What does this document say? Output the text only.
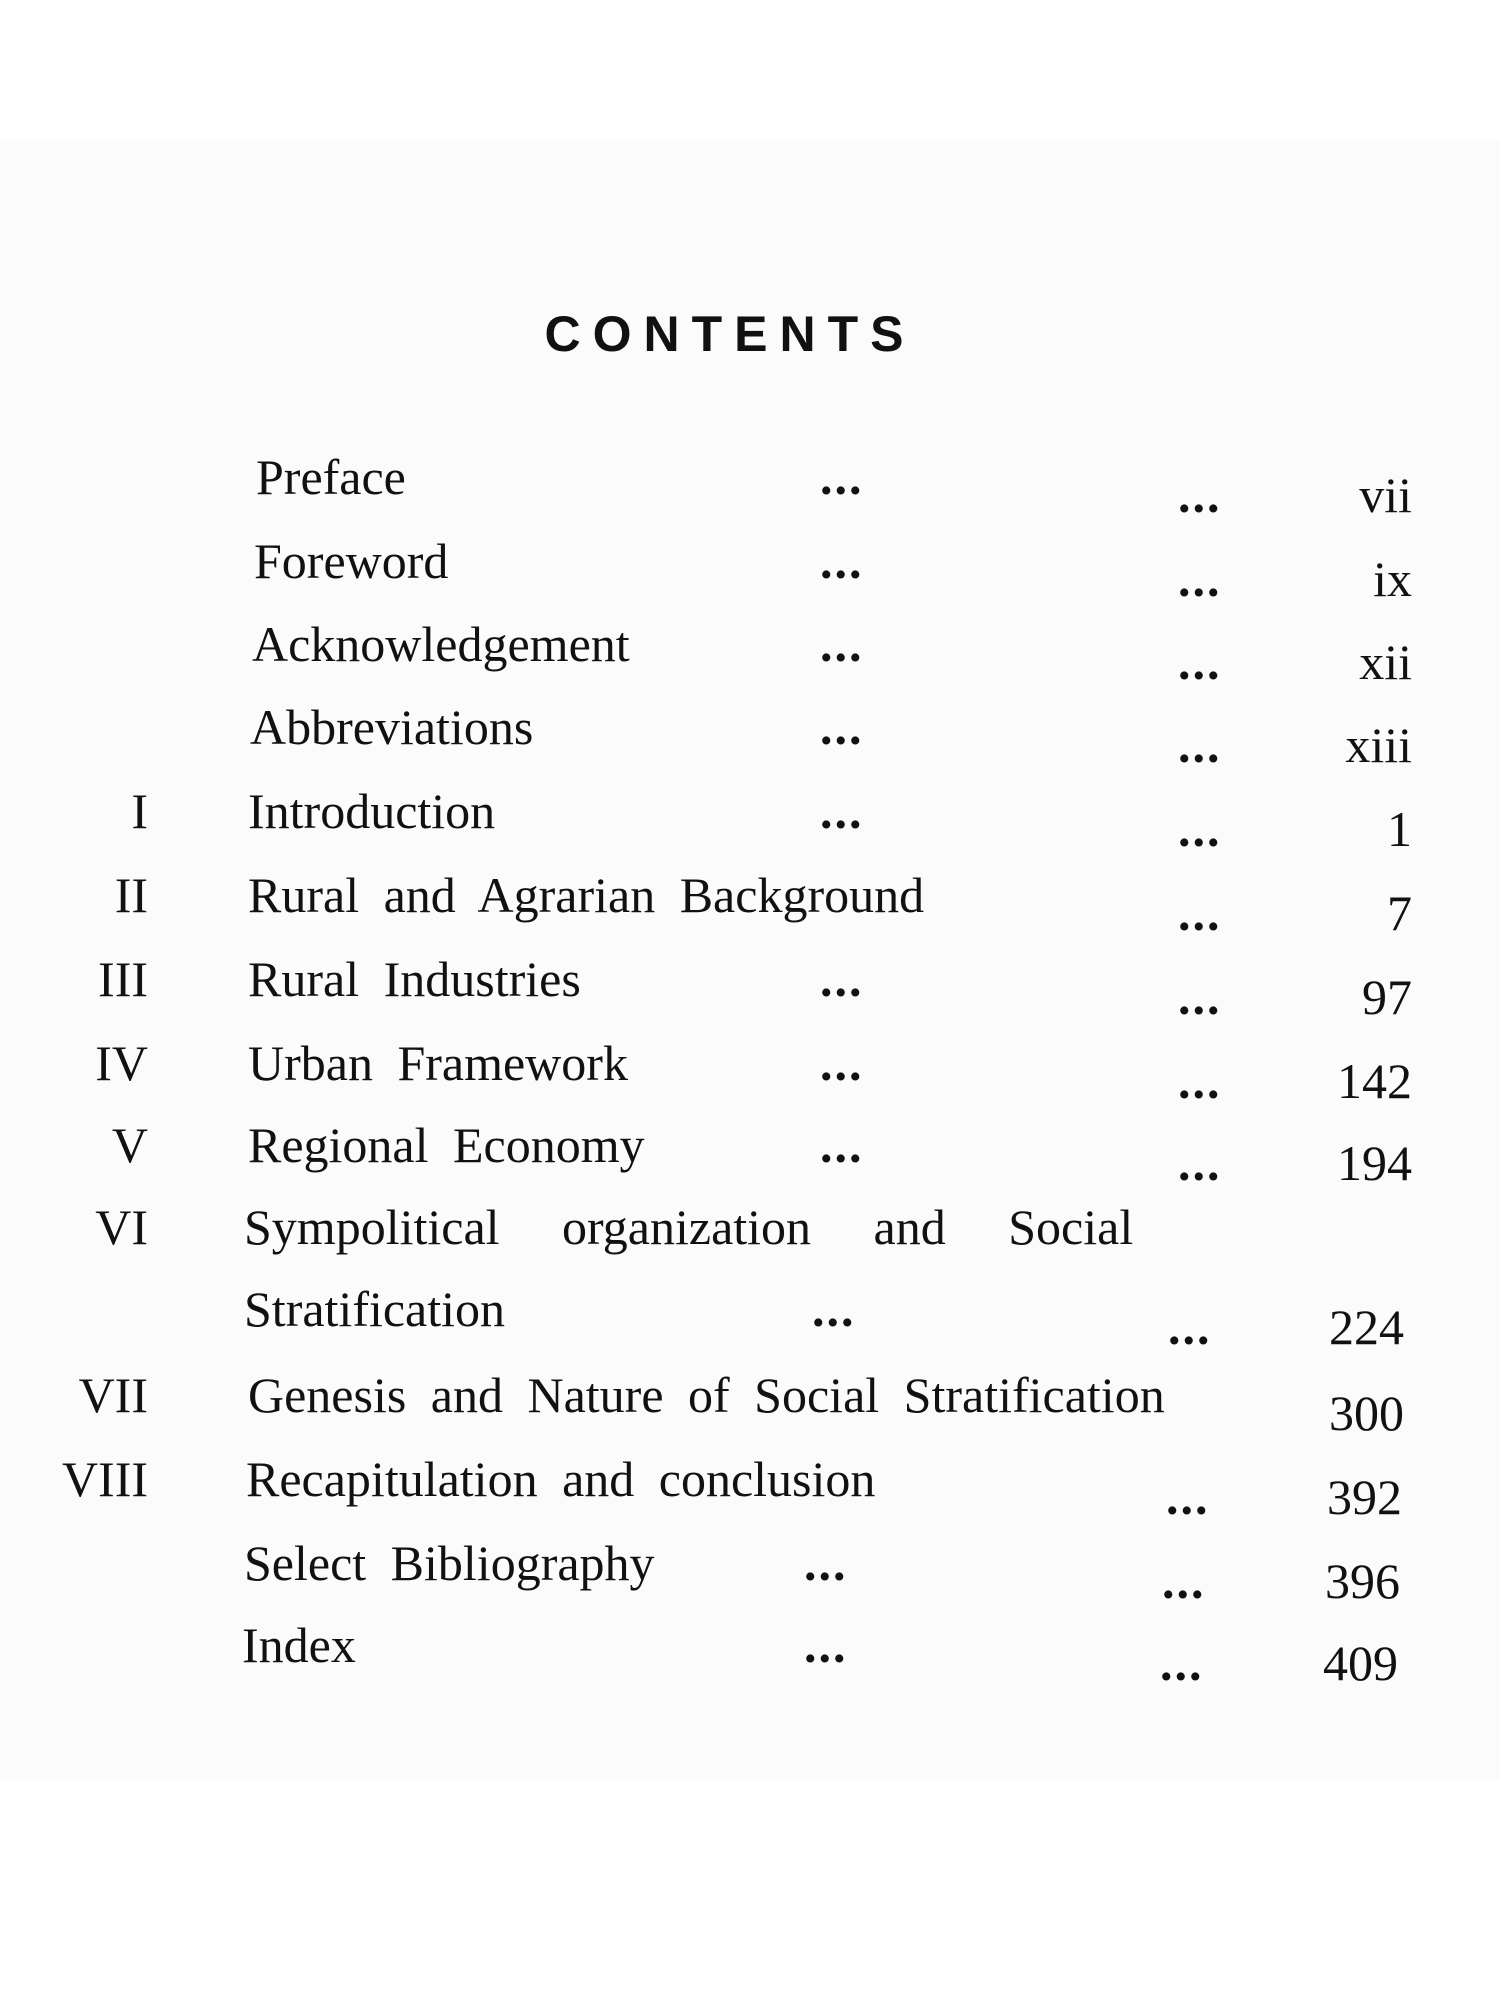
CONTENTS
Preface	...	...	vii
Foreword	...	...	ix
Acknowledgement	...	...	xii
Abbreviations	...	... xiii
I Introduction	...	...	1
II Rural and Agrarian Background	...	7
III Rural Industries	...	...	97
IV Urban Framework	...	... 142
V Regional Economy	...	... 194
VI Sympolitical organization and Social
Stratification	...	... 224
VII Genesis and Nature of Social Stratification	300
VIII Recapitulation and conclusion	... 392
Select Bibliography	...	... 396
Index	...	... 409
